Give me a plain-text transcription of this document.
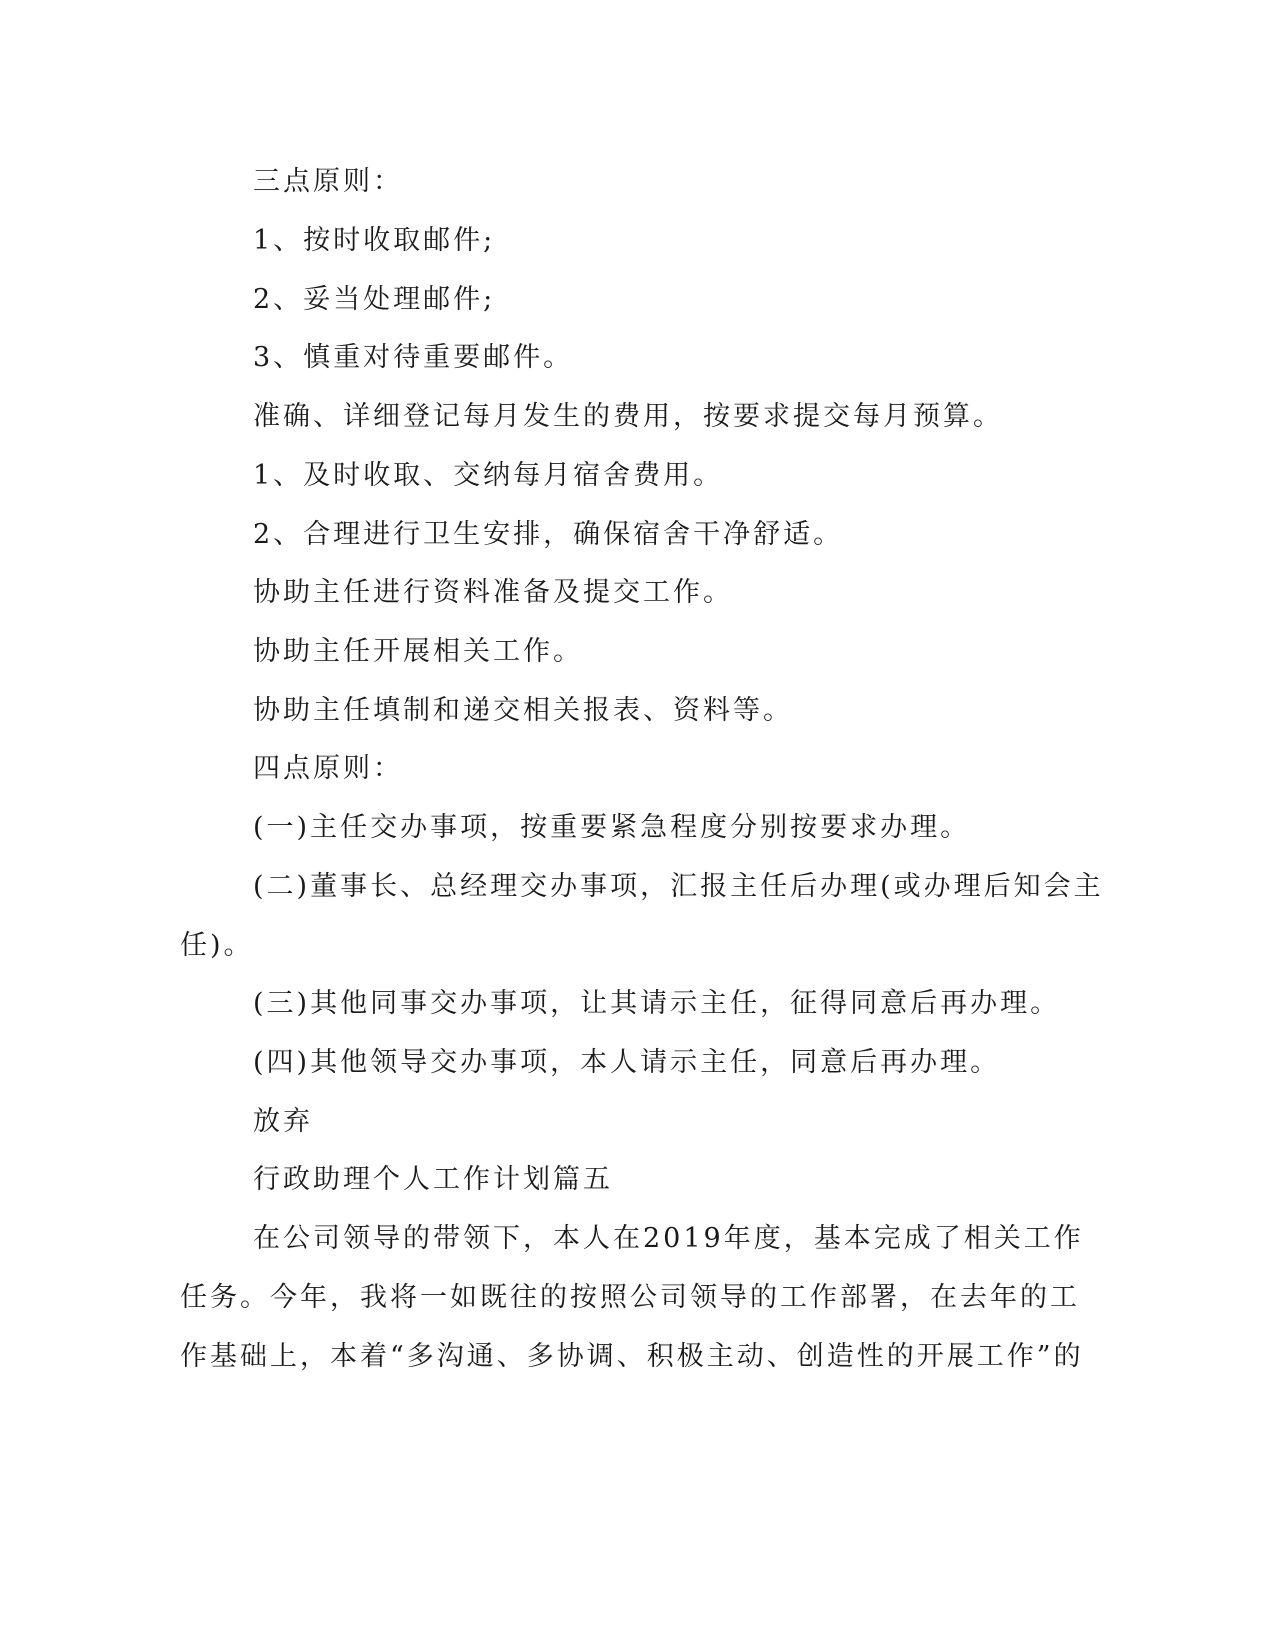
三点原则：
1、按时收取邮件;
2、妥当处理邮件;
3、慎重对待重要邮件。
准确、详细登记每月发生的费用，按要求提交每月预算。
1、及时收取、交纳每月宿舍费用。
2、合理进行卫生安排，确保宿舍干净舒适。
协助主任进行资料准备及提交工作。
协助主任开展相关工作。
协助主任填制和递交相关报表、资料等。
四点原则：
(一)主任交办事项，按重要紧急程度分别按要求办理。
(二)董事长、总经理交办事项，汇报主任后办理(或办理后知会主
任)。
(三)其他同事交办事项，让其请示主任，征得同意后再办理。
(四)其他领导交办事项，本人请示主任，同意后再办理。
放弃
行政助理个人工作计划篇五
在公司领导的带领下，本人在2019年度，基本完成了相关工作
任务。今年，我将一如既往的按照公司领导的工作部署，在去年的工
作基础上，本着“多沟通、多协调、积极主动、创造性的开展工作”的
